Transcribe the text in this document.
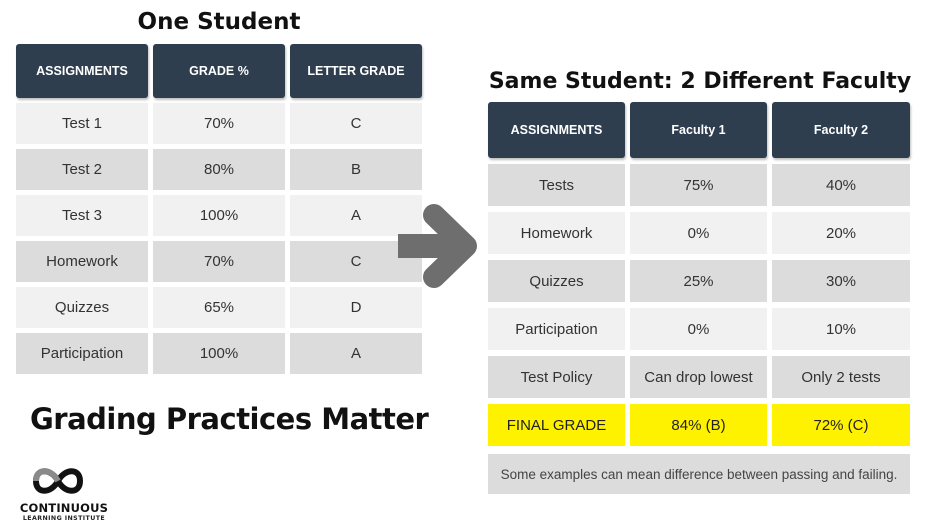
One Student
ASSIGNMENTS	GRADE %	LETTER GRADE
Test 1	70%	C
Test 2	80%	B
Test 3	100%	A
Homework	70%	C
Quizzes	65%	D
Participation	100%	A
Same Student: 2 Different Faculty
ASSIGNMENTS	Faculty 1	Faculty 2
Tests	75%	40%
Homework	0%	20%
Quizzes	25%	30%
Participation	0%	10%
Test Policy	Can drop lowest	Only 2 tests
FINAL GRADE	84% (B)	72% (C)
Some examples can mean difference between passing and failing.
Grading Practices Matter
CONTINUOUS
LEARNING INSTITUTE
